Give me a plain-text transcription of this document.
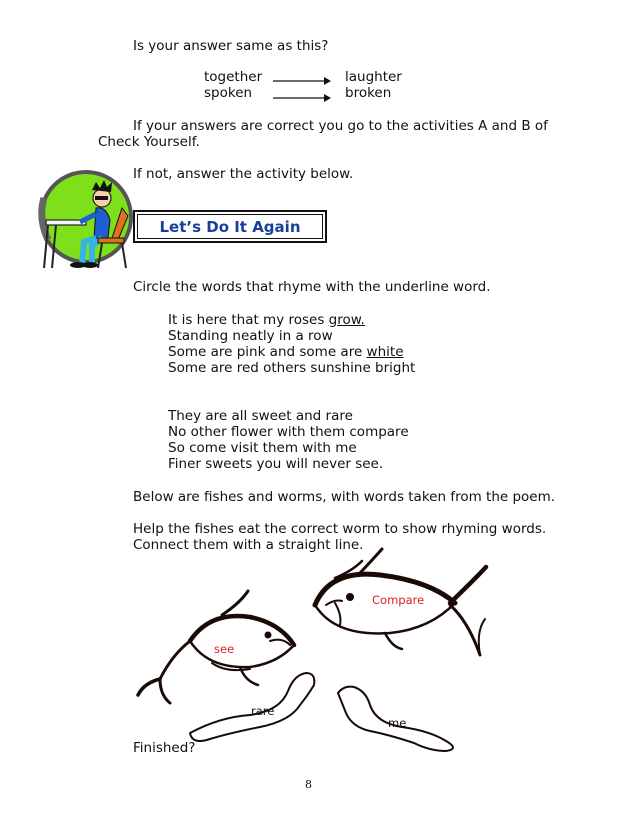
Is your answer same as this?
together	laughter
spoken	broken
If your answers are correct you go to the activities A and B of
Check Yourself.
If not, answer the activity below.
Let’s Do It Again
Circle the words that rhyme with the underline word.
It is here that my roses grow.
Standing neatly in a row
Some are pink and some are white
Some are red others sunshine bright
They are all sweet and rare
No other flower with them compare
So come visit them with me
Finer sweets you will never see.
Below are fishes and worms, with words taken from the poem.
Help the fishes eat the correct worm to show rhyming words.
Connect them with a straight line.
Compare
see
rare
me
Finished?
8
